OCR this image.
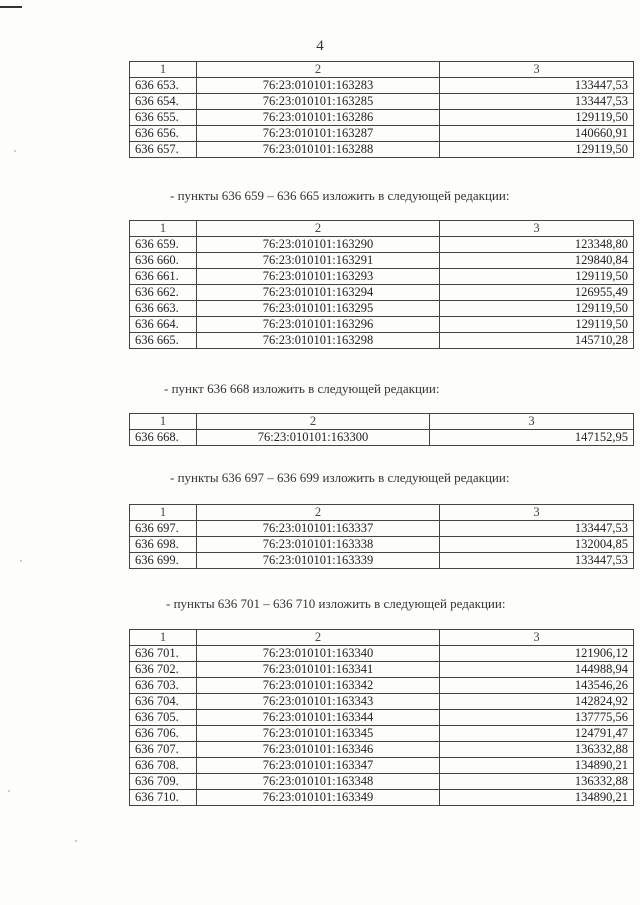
4
1	2	3
636 653.	76:23:010101:163283	133447,53
636 654.	76:23:010101:163285	133447,53
636 655.	76:23:010101:163286	129119,50
636 656.	76:23:010101:163287	140660,91
636 657.	76:23:010101:163288	129119,50
- пункты 636 659 – 636 665 изложить в следующей редакции:
1	2	3
636 659.	76:23:010101:163290	123348,80
636 660.	76:23:010101:163291	129840,84
636 661.	76:23:010101:163293	129119,50
636 662.	76:23:010101:163294	126955,49
636 663.	76:23:010101:163295	129119,50
636 664.	76:23:010101:163296	129119,50
636 665.	76:23:010101:163298	145710,28
- пункт 636 668 изложить в следующей редакции:
1	2	3
636 668.	76:23:010101:163300	147152,95
- пункты 636 697 – 636 699 изложить в следующей редакции:
1	2	3
636 697.	76:23:010101:163337	133447,53
636 698.	76:23:010101:163338	132004,85
636 699.	76:23:010101:163339	133447,53
- пункты 636 701 – 636 710 изложить в следующей редакции:
1	2	3
636 701.	76:23:010101:163340	121906,12
636 702.	76:23:010101:163341	144988,94
636 703.	76:23:010101:163342	143546,26
636 704.	76:23:010101:163343	142824,92
636 705.	76:23:010101:163344	137775,56
636 706.	76:23:010101:163345	124791,47
636 707.	76:23:010101:163346	136332,88
636 708.	76:23:010101:163347	134890,21
636 709.	76:23:010101:163348	136332,88
636 710.	76:23:010101:163349	134890,21
